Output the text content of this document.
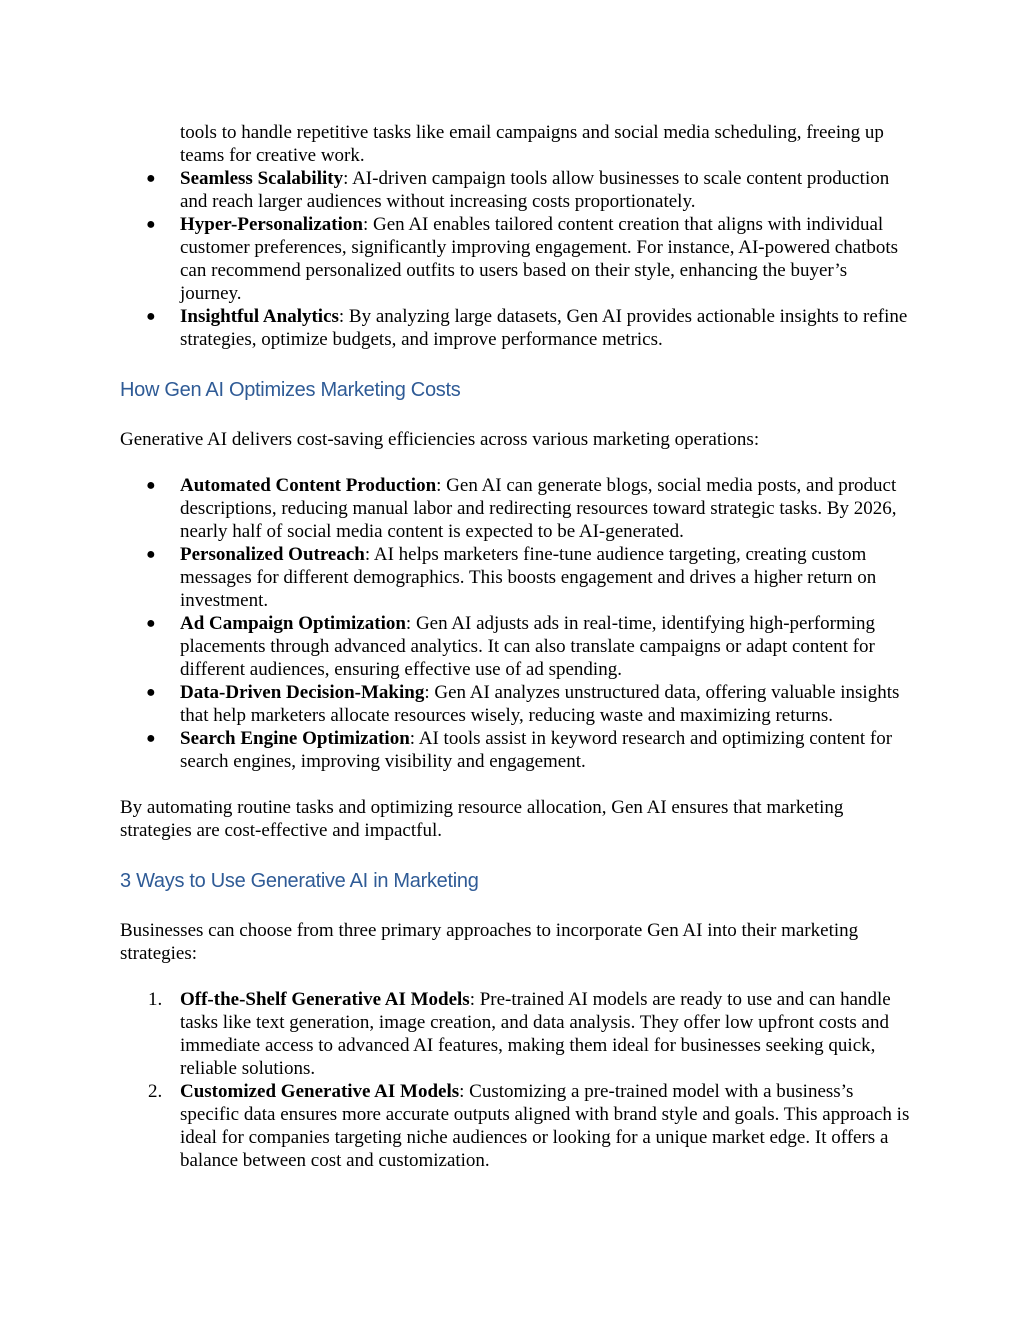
tools to handle repetitive tasks like email campaigns and social media scheduling, freeing up teams for creative work.
● Seamless Scalability: AI-driven campaign tools allow businesses to scale content production and reach larger audiences without increasing costs proportionately.
● Hyper-Personalization: Gen AI enables tailored content creation that aligns with individual customer preferences, significantly improving engagement. For instance, AI-powered chatbots can recommend personalized outfits to users based on their style, enhancing the buyer’s journey.
● Insightful Analytics: By analyzing large datasets, Gen AI provides actionable insights to refine strategies, optimize budgets, and improve performance metrics.
How Gen AI Optimizes Marketing Costs

Generative AI delivers cost-saving efficiencies across various marketing operations:

● Automated Content Production: Gen AI can generate blogs, social media posts, and product descriptions, reducing manual labor and redirecting resources toward strategic tasks. By 2026, nearly half of social media content is expected to be AI-generated.
● Personalized Outreach: AI helps marketers fine-tune audience targeting, creating custom messages for different demographics. This boosts engagement and drives a higher return on investment.
● Ad Campaign Optimization: Gen AI adjusts ads in real-time, identifying high-performing placements through advanced analytics. It can also translate campaigns or adapt content for different audiences, ensuring effective use of ad spending.
● Data-Driven Decision-Making: Gen AI analyzes unstructured data, offering valuable insights that help marketers allocate resources wisely, reducing waste and maximizing returns.
● Search Engine Optimization: AI tools assist in keyword research and optimizing content for search engines, improving visibility and engagement.

By automating routine tasks and optimizing resource allocation, Gen AI ensures that marketing strategies are cost-effective and impactful.

3 Ways to Use Generative AI in Marketing

Businesses can choose from three primary approaches to incorporate Gen AI into their marketing strategies:

1. Off-the-Shelf Generative AI Models: Pre-trained AI models are ready to use and can handle tasks like text generation, image creation, and data analysis. They offer low upfront costs and immediate access to advanced AI features, making them ideal for businesses seeking quick, reliable solutions.
2. Customized Generative AI Models: Customizing a pre-trained model with a business’s specific data ensures more accurate outputs aligned with brand style and goals. This approach is ideal for companies targeting niche audiences or looking for a unique market edge. It offers a balance between cost and customization.
